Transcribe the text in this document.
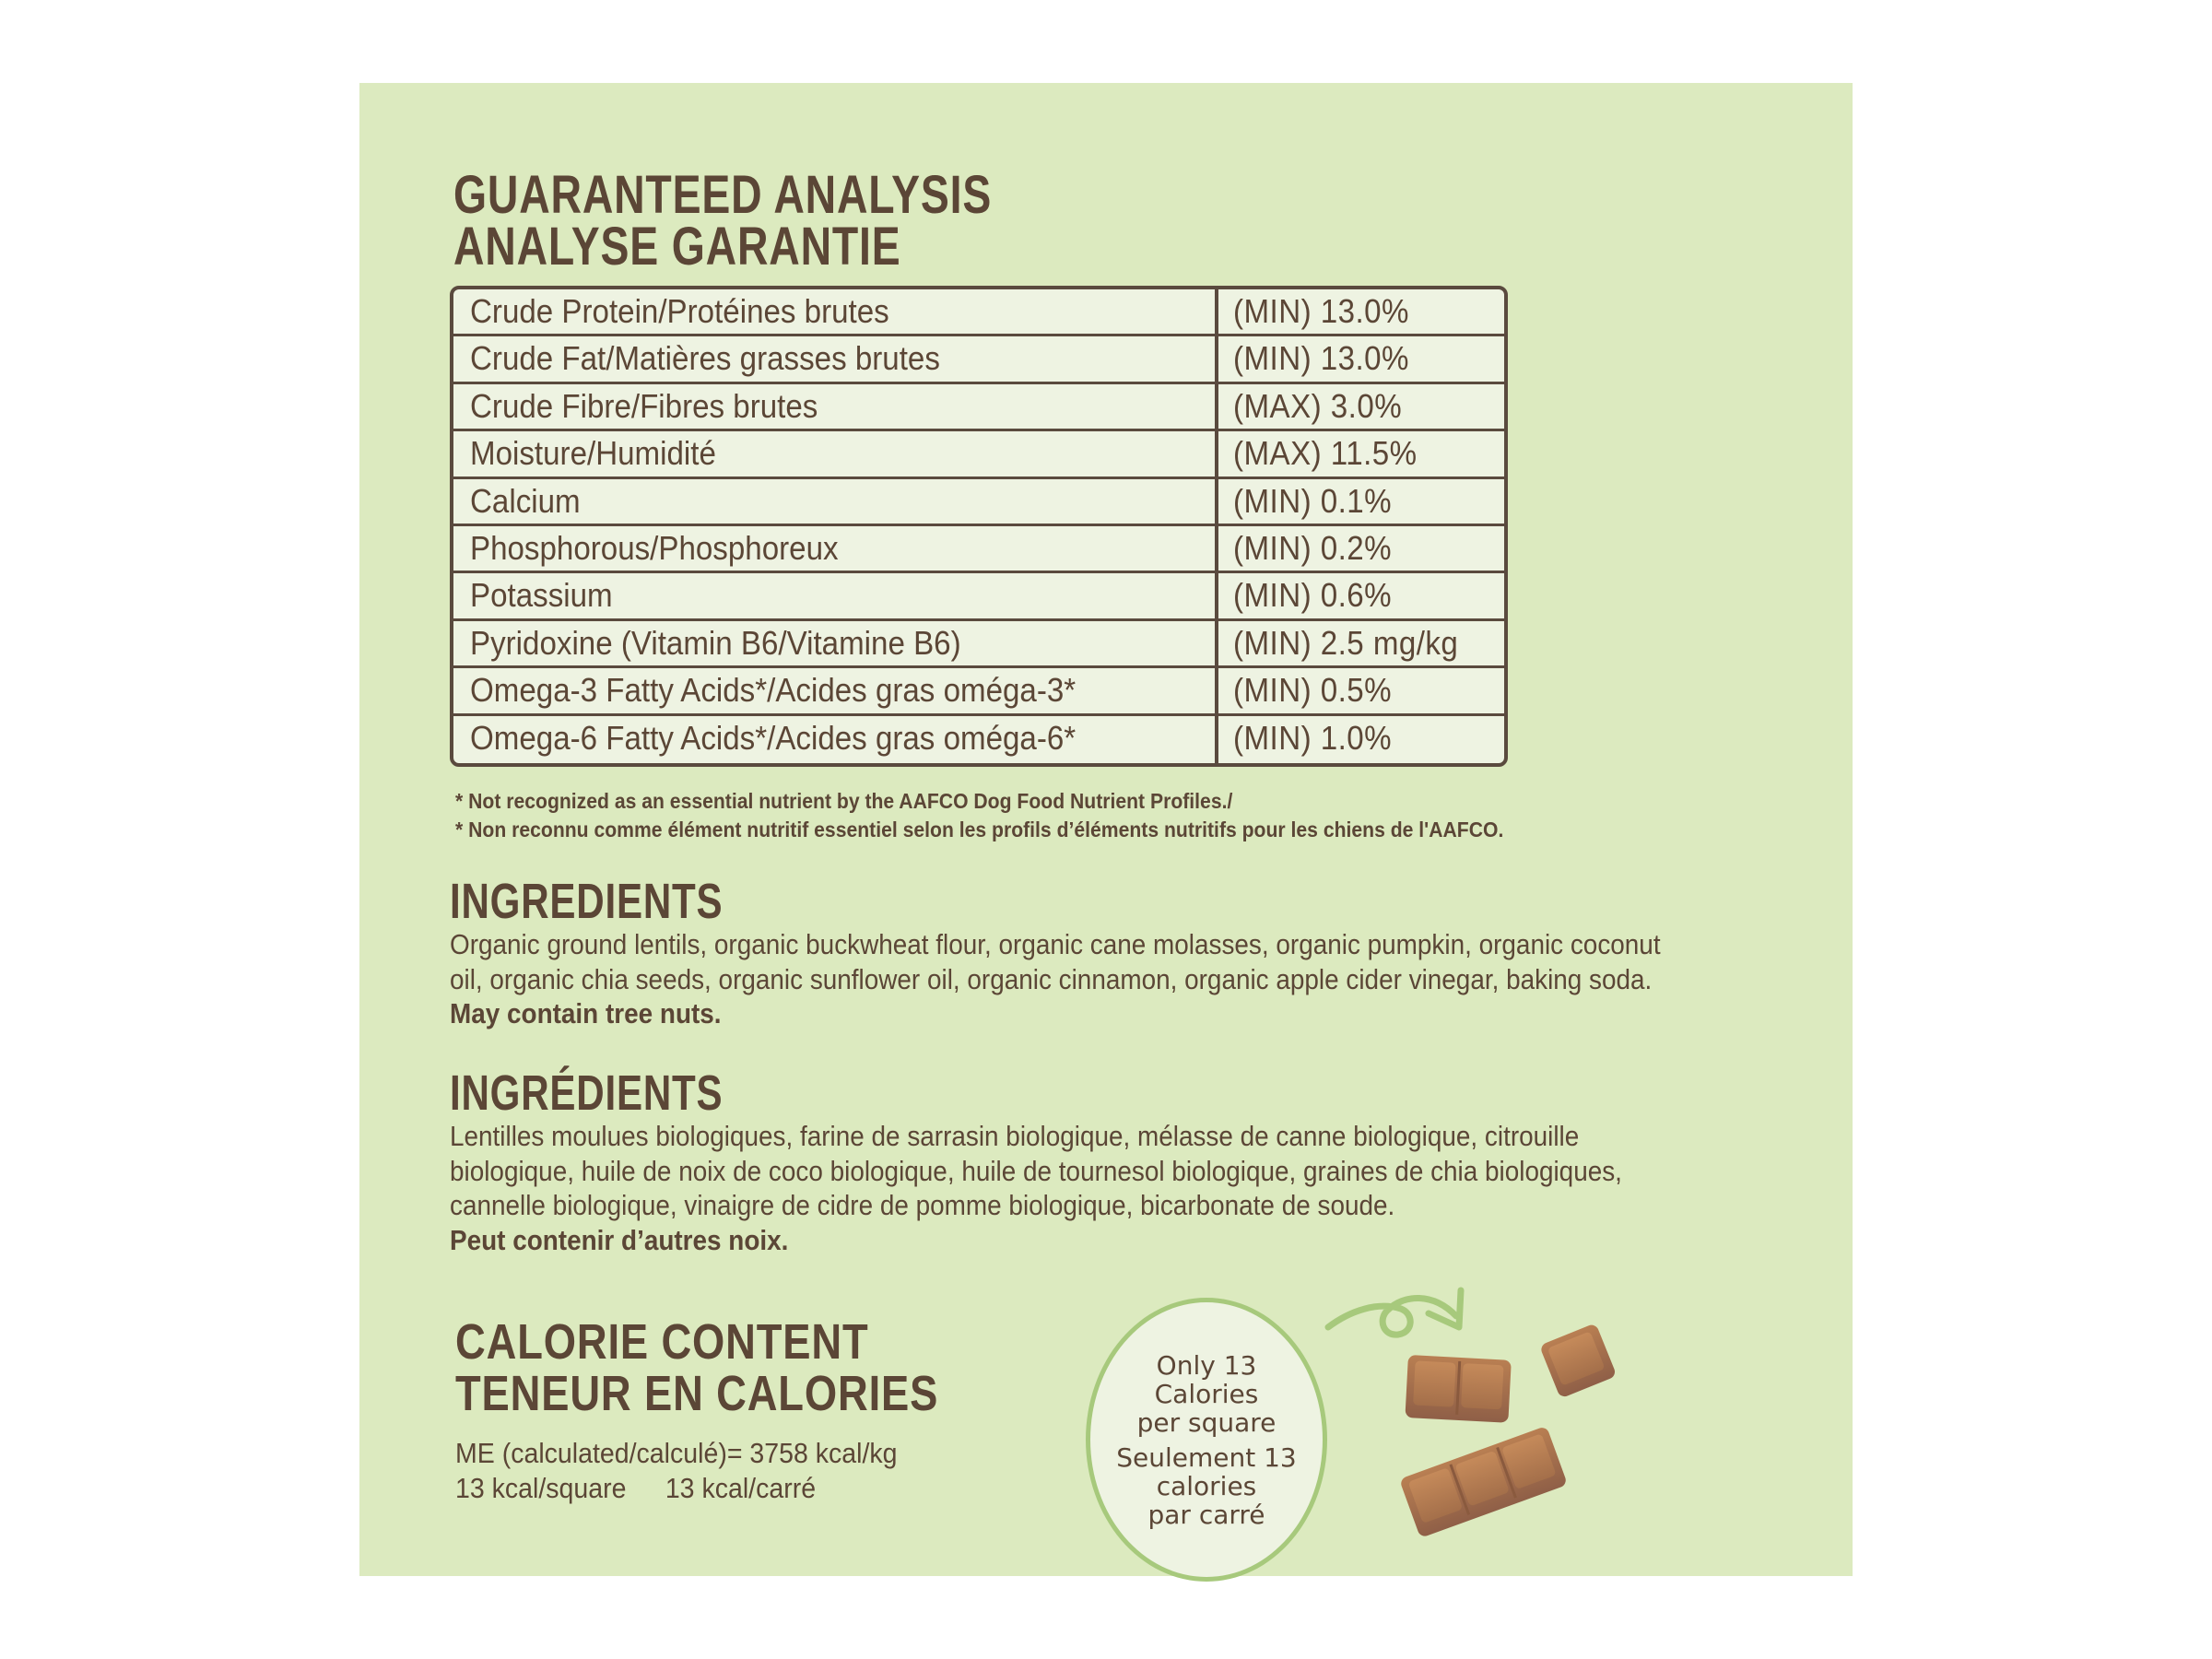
GUARANTEED ANALYSIS
ANALYSE GARANTIE
Crude Protein/Protéines brutes	(MIN) 13.0%
Crude Fat/Matières grasses brutes	(MIN) 13.0%
Crude Fibre/Fibres brutes	(MAX) 3.0%
Moisture/Humidité	(MAX) 11.5%
Calcium	(MIN) 0.1%
Phosphorous/Phosphoreux	(MIN) 0.2%
Potassium	(MIN) 0.6%
Pyridoxine (Vitamin B6/Vitamine B6)	(MIN) 2.5 mg/kg
Omega-3 Fatty Acids*/Acides gras oméga-3*	(MIN) 0.5%
Omega-6 Fatty Acids*/Acides gras oméga-6*	(MIN) 1.0%
* Not recognized as an essential nutrient by the AAFCO Dog Food Nutrient Profiles./
* Non reconnu comme élément nutritif essentiel selon les profils d’éléments nutritifs pour les chiens de l'AAFCO.
INGREDIENTS
Organic ground lentils, organic buckwheat flour, organic cane molasses, organic pumpkin, organic coconut
oil, organic chia seeds, organic sunflower oil, organic cinnamon, organic apple cider vinegar, baking soda.
May contain tree nuts.
INGRÉDIENTS
Lentilles moulues biologiques, farine de sarrasin biologique, mélasse de canne biologique, citrouille
biologique, huile de noix de coco biologique, huile de tournesol biologique, graines de chia biologiques,
cannelle biologique, vinaigre de cidre de pomme biologique, bicarbonate de soude.
Peut contenir d’autres noix.
CALORIE CONTENT
TENEUR EN CALORIES
ME (calculated/calculé)= 3758 kcal/kg
13 kcal/square 13 kcal/carré
Only 13
Calories
per square
Seulement 13
calories
par carré
